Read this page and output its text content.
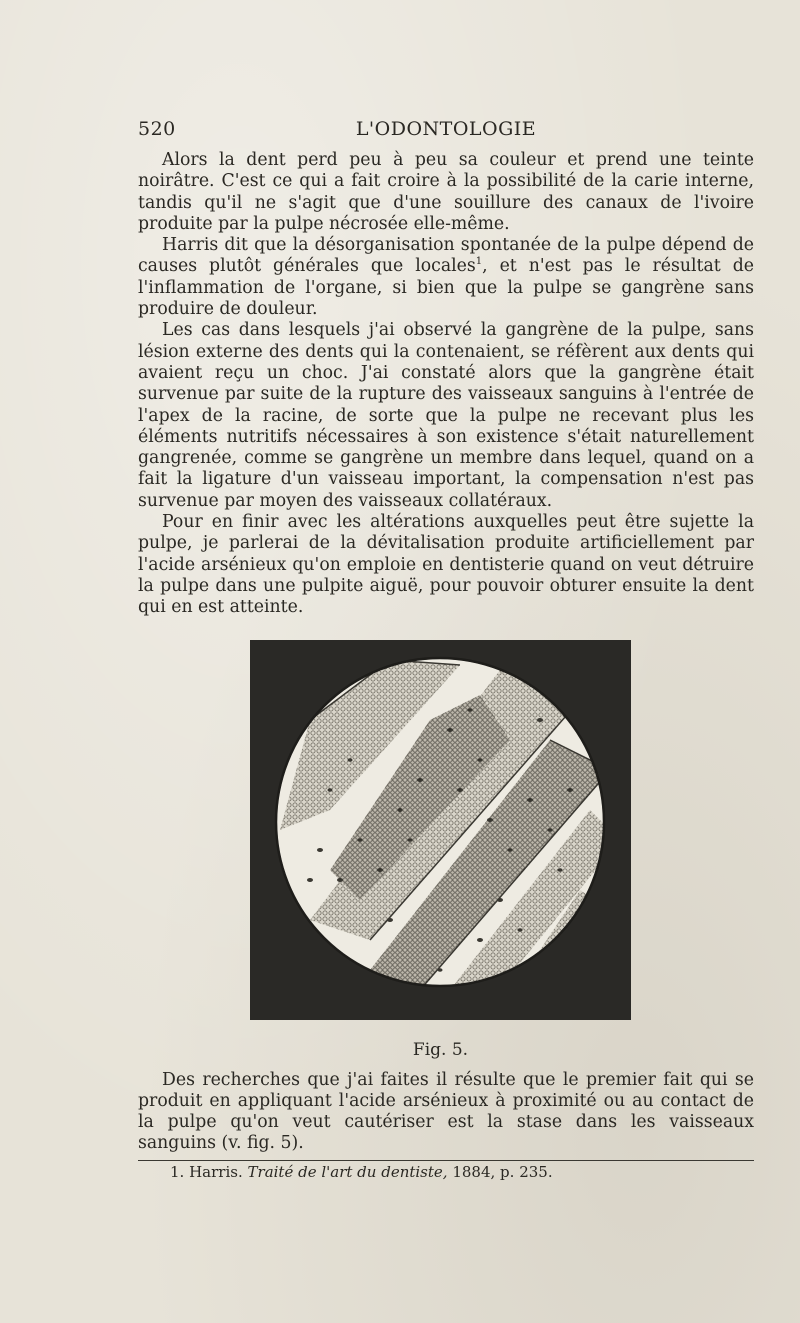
520	L'ODONTOLOGIE

Alors la dent perd peu à peu sa couleur et prend une teinte noirâtre. C'est ce qui a fait croire à la possibilité de la carie interne, tandis qu'il ne s'agit que d'une souillure des canaux de l'ivoire produite par la pulpe nécrosée elle-même.

Harris dit que la désorganisation spontanée de la pulpe dépend de causes plutôt générales que locales$^1$, et n'est pas le résultat de l'inflammation de l'organe, si bien que la pulpe se gangrène sans produire de douleur.

Les cas dans lesquels j'ai observé la gangrène de la pulpe, sans lésion externe des dents qui la contenaient, se réfèrent aux dents qui avaient reçu un choc. J'ai constaté alors que la gangrène était survenue par suite de la rupture des vaisseaux sanguins à l'entrée de l'apex de la racine, de sorte que la pulpe ne recevant plus les éléments nutritifs nécessaires à son existence s'était naturellement gangrenée, comme se gangrène un membre dans lequel, quand on a fait la ligature d'un vaisseau important, la compensation n'est pas survenue par moyen des vaisseaux collatéraux.

Pour en finir avec les altérations auxquelles peut être sujette la pulpe, je parlerai de la dévitalisation produite artificiellement par l'acide arsénieux qu'on emploie en dentisterie quand on veut détruire la pulpe dans une pulpite aiguë, pour pouvoir obturer ensuite la dent qui en est atteinte.

Fig. 5.

Des recherches que j'ai faites il résulte que le premier fait qui se produit en appliquant l'acide arsénieux à proximité ou au contact de la pulpe qu'on veut cautériser est la stase dans les vaisseaux sanguins (v. fig. 5).

1. Harris. Traité de l'art du dentiste, 1884, p. 235.
